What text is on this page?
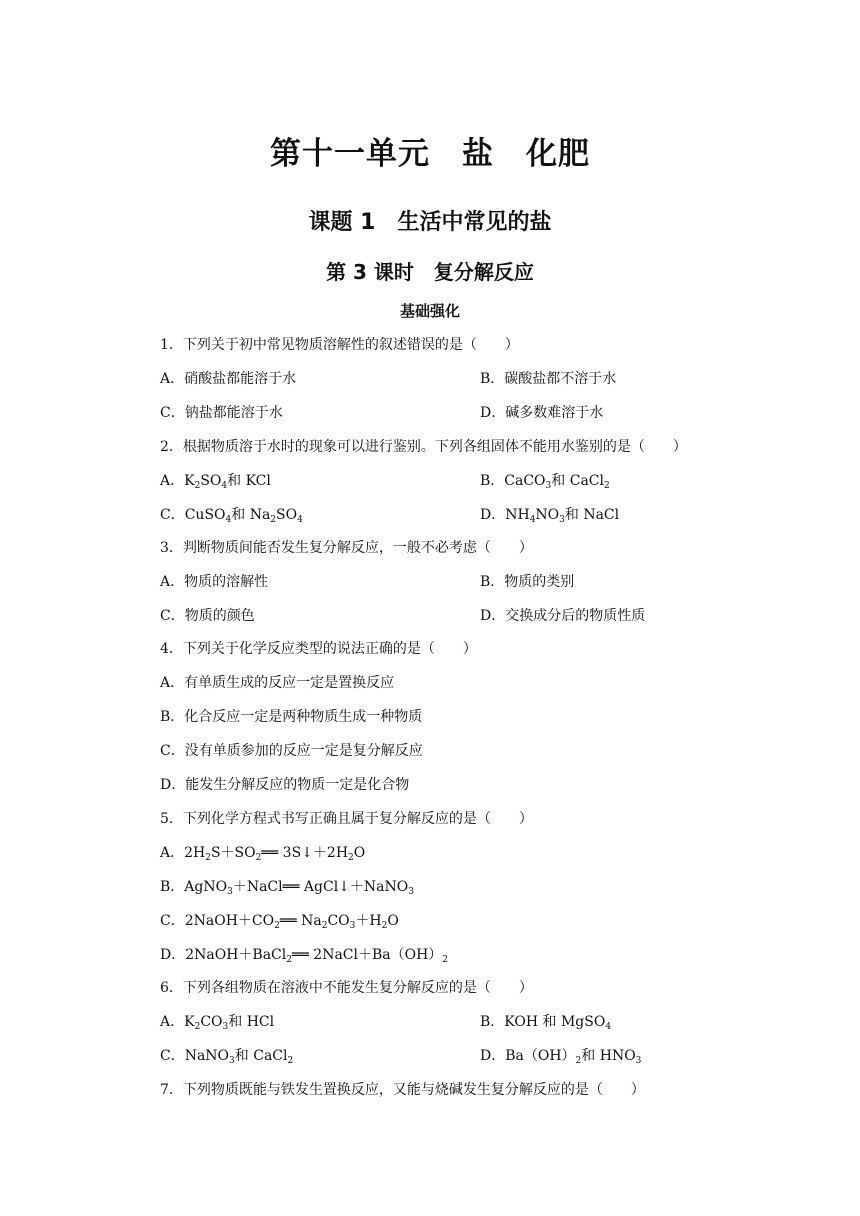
第十一单元　盐　化肥
课题 1　生活中常见的盐
第 3 课时　复分解反应
基础强化
1．下列关于初中常见物质溶解性的叙述错误的是（　　）
A．硝酸盐都能溶于水	B．碳酸盐都不溶于水
C．钠盐都能溶于水	D．碱多数难溶于水
2．根据物质溶于水时的现象可以进行鉴别。下列各组固体不能用水鉴别的是（　　）
A．$K_2SO_4$和 KCl	B．CaCO$_3$和 CaCl$_2$
C．CuSO$_4$和 $Na_2SO_4$	D．$NH_4NO_3$和 NaCl
3．判断物质间能否发生复分解反应，一般不必考虑（　　）
A．物质的溶解性	B．物质的类别
C．物质的颜色	D．交换成分后的物质性质
4．下列关于化学反应类型的说法正确的是（　　）
A．有单质生成的反应一定是置换反应
B．化合反应一定是两种物质生成一种物质
C．没有单质参加的反应一定是复分解反应
D．能发生分解反应的物质一定是化合物
5．下列化学方程式书写正确且属于复分解反应的是（　　）
A．$2H_2S+SO_2══$ $3S↓+2H_2O$
B．AgNO$_3$＋NaCl══ AgCl↓＋NaNO$_3$
C．$2NaOH+CO_2══$ $Na_2CO_3+H_2O$
D．2NaOH＋BaCl$_2$══ $2NaCl+Ba(OH)_2$
6．下列各组物质在溶液中不能发生复分解反应的是（　　）
A．$K_2CO_3$和 HCl	B．KOH 和 MgSO$_4$
C．NaNO$_3$和 CaCl$_2$	D．$Ba(OH)_2$和 $HNO_3$
7．下列物质既能与铁发生置换反应，又能与烧碱发生复分解反应的是（　　）
